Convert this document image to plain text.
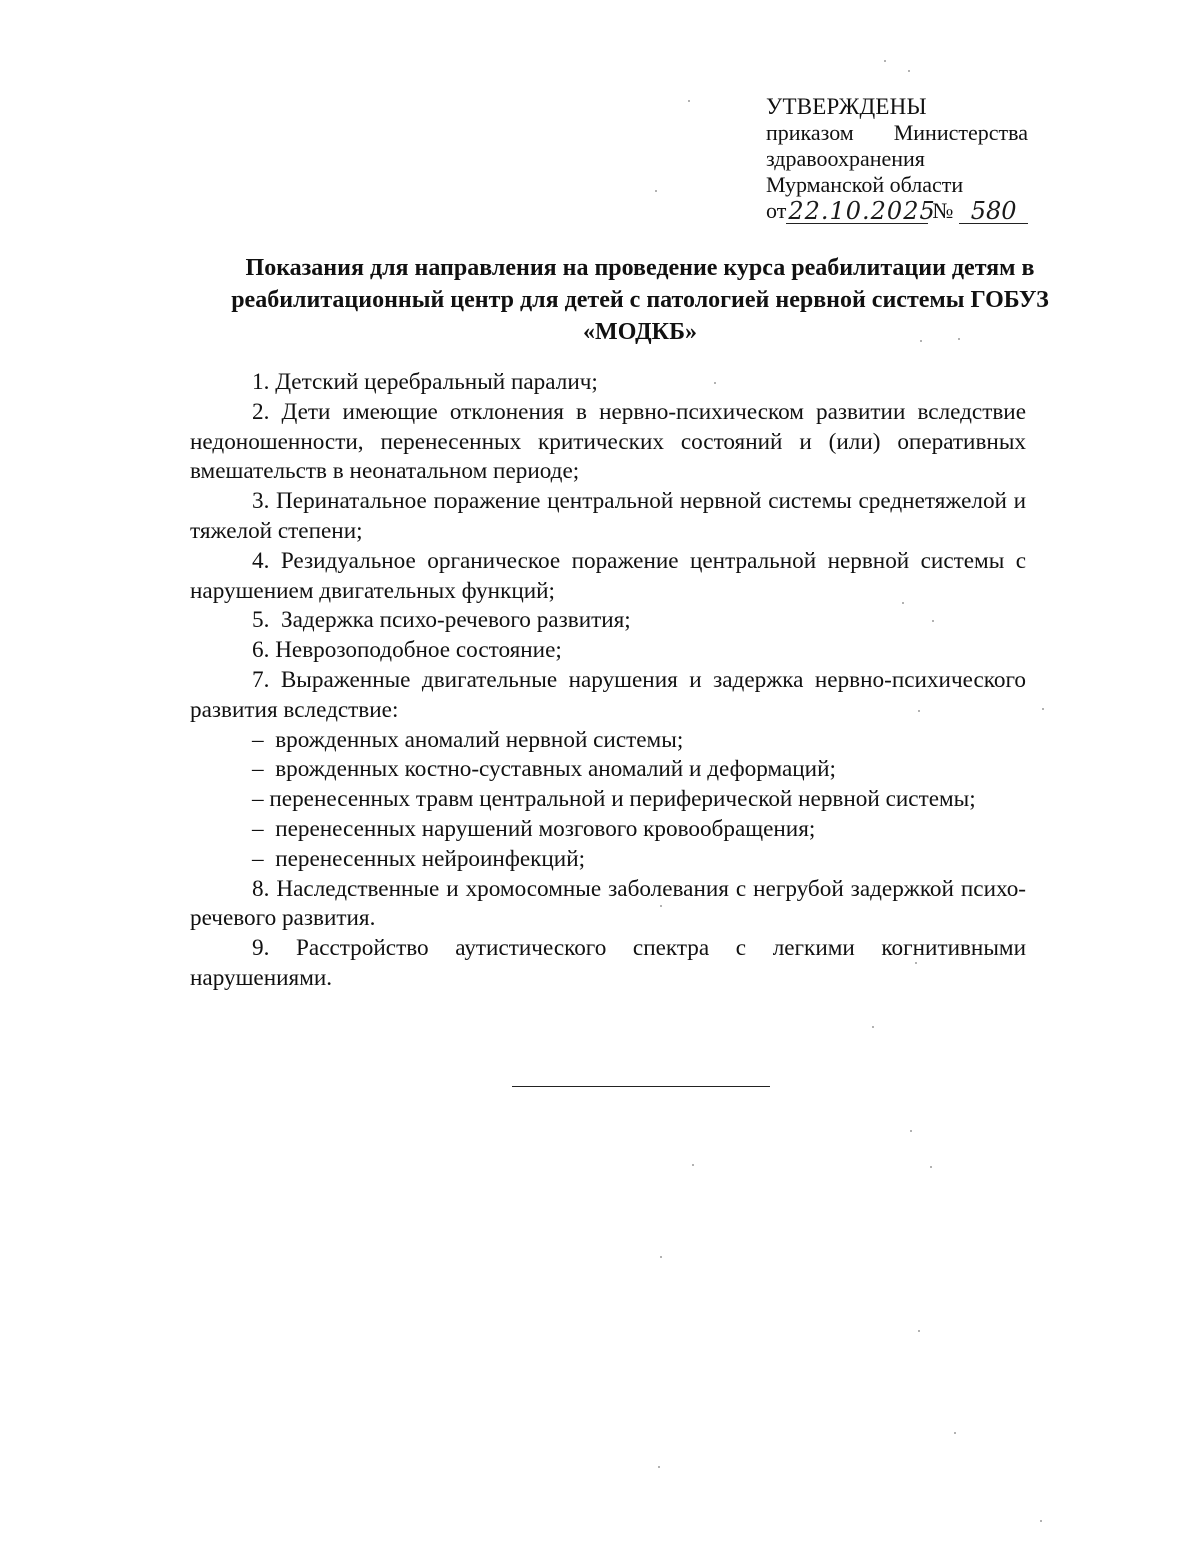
УТВЕРЖДЕНЫ
приказом Министерства
здравоохранения
Мурманской области
от 22.10.2025
№ 580
Показания для направления на проведение курса реабилитации детям в реабилитационный центр для детей с патологией нервной системы ГОБУЗ «МОДКБ»

1. Детский церебральный паралич;

2. Дети имеющие отклонения в нервно-психическом развитии вследствие недоношенности, перенесенных критических состояний и (или) оперативных вмешательств в неонатальном периоде;

3. Перинатальное поражение центральной нервной системы среднетяжелой и тяжелой степени;

4. Резидуальное органическое поражение центральной нервной системы с нарушением двигательных функций;

5. Задержка психо-речевого развития;

6. Неврозоподобное состояние;

7. Выраженные двигательные нарушения и задержка нервно-психического развития вследствие:

– врожденных аномалий нервной системы;

– врожденных костно-суставных аномалий и деформаций;

– перенесенных травм центральной и периферической нервной системы;

– перенесенных нарушений мозгового кровообращения;

– перенесенных нейроинфекций;

8. Наследственные и хромосомные заболевания с негрубой задержкой психо-речевого развития.

9. Расстройство аутистического спектра с легкими когнитивными нарушениями.
